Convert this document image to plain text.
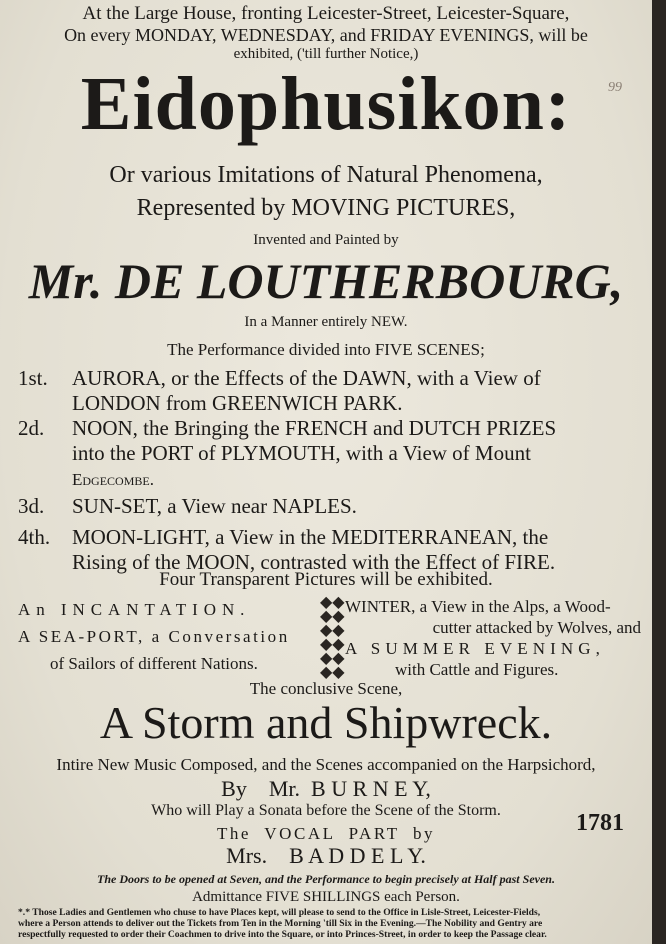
At the Large House, fronting Leicester-Street, Leicester-Square,
On every MONDAY, WEDNESDAY, and FRIDAY EVENINGS, will be
exhibited, ('till further Notice,)
99
Eidophusikon:
Or various Imitations of Natural Phenomena,
Represented by MOVING PICTURES,
Invented and Painted by
Mr. DE LOUTHERBOURG,
In a Manner entirely NEW.
The Performance divided into FIVE SCENES;
1st. AURORA, or the Effects of the DAWN, with a View of
LONDON from GREENWICH PARK.
2d. NOON, the Bringing the FRENCH and DUTCH PRIZES
into the PORT of PLYMOUTH, with a View of Mount
Edgecombe.
3d. SUN-SET, a View near NAPLES.
4th. MOON-LIGHT, a View in the MEDITERRANEAN, the
Rising of the MOON, contrasted with the Effect of FIRE.
Four Transparent Pictures will be exhibited.
An INCANTATION.
A SEA-PORT, a Conversation
of Sailors of different Nations.
◆◆
◆◆
◆◆
◆◆
◆◆
◆◆
WINTER, a View in the Alps, a Wood-
cutter attacked by Wolves, and
A SUMMER EVENING,
with Cattle and Figures.
The conclusive Scene,
A Storm and Shipwreck.
Intire New Music Composed, and the Scenes accompanied on the Harpsichord,
By    Mr.  B U R N E Y,
Who will Play a Sonata before the Scene of the Storm.
The  VOCAL  PART  by	1781
Mrs.    B A D D E L Y.
The Doors to be opened at Seven, and the Performance to begin precisely at Half past Seven.
Admittance FIVE SHILLINGS each Person.
*.* Those Ladies and Gentlemen who chuse to have Places kept, will please to send to the Office in Lisle-Street, Leicester-Fields,
where a Person attends to deliver out the Tickets from Ten in the Morning 'till Six in the Evening.—The Nobility and Gentry are
respectfully requested to order their Coachmen to drive into the Square, or into Princes-Street, in order to keep the Passage clear.
